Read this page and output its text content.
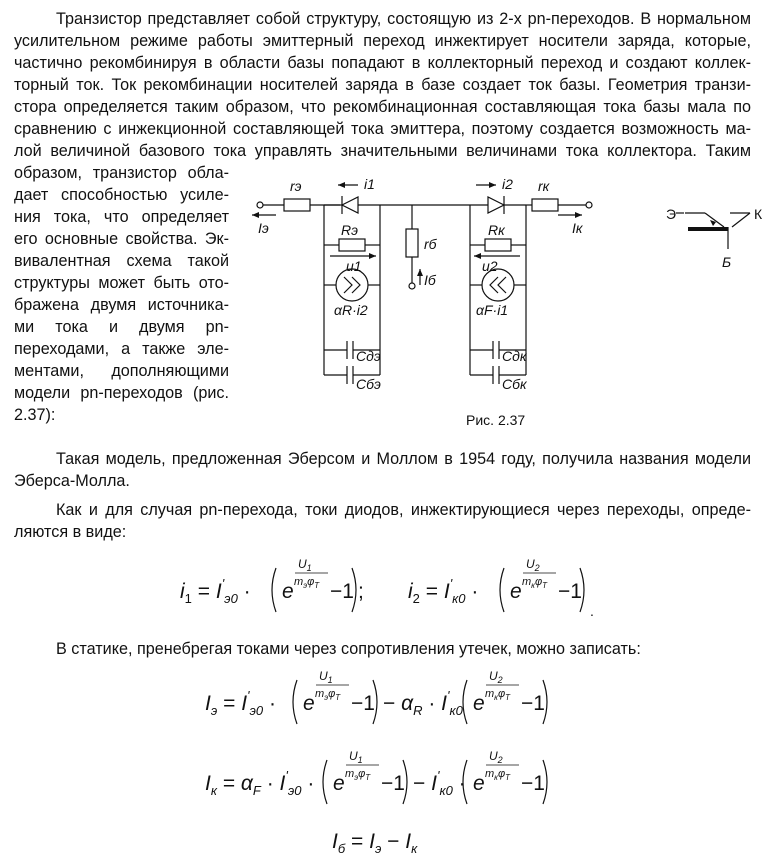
Транзистор представляет собой структуру, состоящую из 2-х pn-переходов. В нормальном
усилительном режиме работы эмиттерный переход инжектирует носители заряда, которые,
частично рекомбинируя в области базы попадают в коллекторный переход и создают коллек-
торный ток. Ток рекомбинации носителей заряда в базе создает ток базы. Геометрия транзи-
стора определяется таким образом, что рекомбинационная составляющая тока базы мала по
сравнению с инжекционной составляющей тока эмиттера, поэтому создается возможность ма-
лой величиной базового тока управлять значительными величинами тока коллектора. Таким
образом, транзистор обла-
дает способностью усиле-
ния тока, что определяет
его основные свойства. Эк-
вивалентная схема такой
структуры может быть ото-
бражена двумя источника-
ми тока и двумя pn-
переходами, а также эле-
ментами, дополняющими
модели pn-переходов (рис.
2.37):
rэ	i1	i2 rк
Iэ	Iк
Rэ	Rк
rб
u1	u2
Iб
αR·i2	αF·i1
Cдэ	Cдк
Cбэ	Cбк
Э	К
Б
Рис. 2.37
Такая модель, предложенная Эберсом и Моллом в 1954 году, получила названия модели
Эберса-Молла.
Как и для случая pn-перехода, токи диодов, инжектирующиеся через переходы, опреде-
ляются в виде:
$i_1 = I'_{э0} \cdot e$
$U_1$
$m_э\varphi_T -1$ ; $i_2 = I'_{к0} \cdot e$
$U_2$
$m_к\varphi_T -1$
.
В статике, пренебрегая токами через сопротивления утечек, можно записать:
$I_э = I'_{э0} \cdot e$
$U_1$
$m_э\varphi_T -1 - \alpha_R \cdot I'_{к0}$ e
$U_2$
$m_к\varphi_T -1$
$I_к = \alpha_F \cdot I'_{э0} \cdot e$
$U_1$
$m_э\varphi_T -1 - I'_{к0} \cdot e$
$U_2$
$m_к\varphi_T -1$
$I_б = I_э - I_к$
